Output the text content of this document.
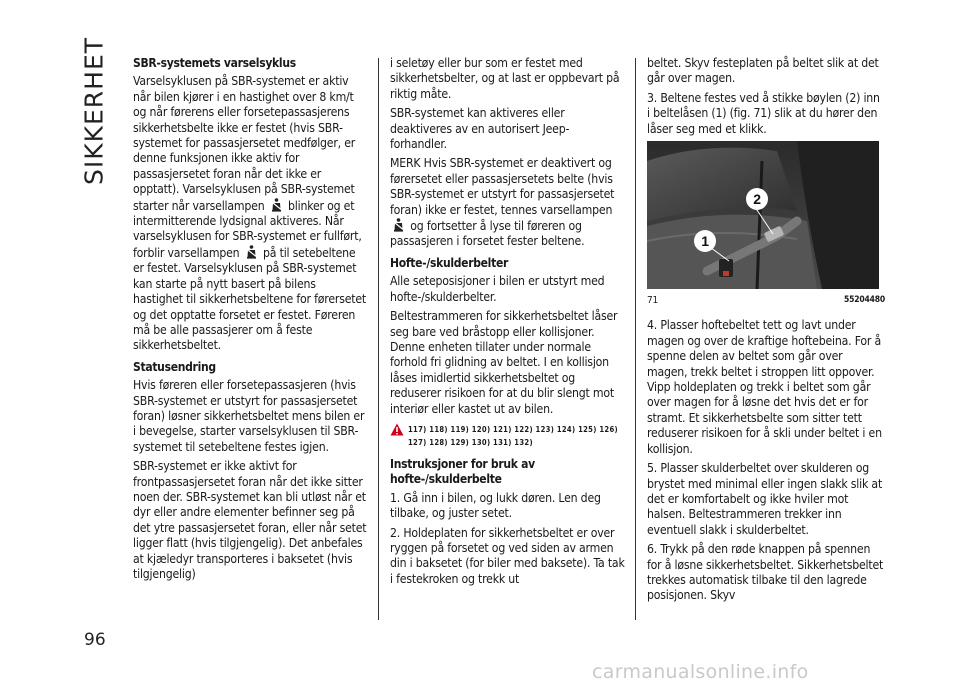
SIKKERHET
96
SBR-systemets varselsyklus

Varselsyklusen på SBR-systemet er aktiv når bilen kjører i en hastighet over 8 km/t og når førerens eller forsetepassasjerens sikkerhetsbelte ikke er festet (hvis SBR-systemet for passasjersetet medfølger, er denne funksjonen ikke aktiv for passasjersetet foran når det ikke er opptatt). Varselsyklusen på SBR-systemet starter når varsellampen blinker og et intermitterende lydsignal aktiveres. Når varselsyklusen for SBR-systemet er fullført, forblir varsellampen på til setebeltene er festet. Varselsyklusen på SBR-systemet kan starte på nytt basert på bilens hastighet til sikkerhetsbeltene for førersetet og det opptatte forsetet er festet. Føreren må be alle passasjerer om å feste sikkerhetsbeltet.

Statusendring

Hvis føreren eller forsetepassasjeren (hvis SBR-systemet er utstyrt for passasjersetet foran) løsner sikkerhetsbeltet mens bilen er i bevegelse, starter varselsyklusen til SBR-systemet til setebeltene festes igjen.

SBR-systemet er ikke aktivt for frontpassasjersetet foran når det ikke sitter noen der. SBR-systemet kan bli utløst når et dyr eller andre elementer befinner seg på det ytre passasjersetet foran, eller når setet ligger flatt (hvis tilgjengelig). Det anbefales at kjæledyr transporteres i baksetet (hvis tilgjengelig)

i seletøy eller bur som er festet med sikkerhetsbelter, og at last er oppbevart på riktig måte.

SBR-systemet kan aktiveres eller deaktiveres av en autorisert Jeep-forhandler.

MERK Hvis SBR-systemet er deaktivert og førersetet eller passasjersetets belte (hvis SBR-systemet er utstyrt for passasjersetet foran) ikke er festet, tennes varsellampen  og fortsetter å lyse til føreren og passasjeren i forsetet fester beltene.

Hofte-/skulderbelter

Alle seteposisjoner i bilen er utstyrt med hofte-/skulderbelter.

Beltestrammeren for sikkerhetsbeltet låser seg bare ved bråstopp eller kollisjoner. Denne enheten tillater under normale forhold fri glidning av beltet. I en kollisjon låses imidlertid sikkerhetsbeltet og reduserer risikoen for at du blir slengt mot interiør eller kastet ut av bilen.

117) 118) 119) 120) 121) 122) 123) 124) 125) 126) 127) 128) 129) 130) 131) 132)
Instruksjoner for bruk av hofte-/skulderbelte

1. Gå inn i bilen, og lukk døren. Len deg tilbake, og juster setet.

2. Holdeplaten for sikkerhetsbeltet er over ryggen på forsetet og ved siden av armen din i baksetet (for biler med baksete). Ta tak i festekroken og trekk ut

beltet. Skyv festeplaten på beltet slik at det går over magen.

3. Beltene festes ved å stikke bøylen (2) inn i beltelåsen (1) (fig. 71) slik at du hører den låser seg med et klikk.

1
2
71	55204480

4. Plasser hoftebeltet tett og lavt under magen og over de kraftige hoftebeina. For å spenne delen av beltet som går over magen, trekk beltet i stroppen litt oppover. Vipp holdeplaten og trekk i beltet som går over magen for å løsne det hvis det er for stramt. Et sikkerhetsbelte som sitter tett reduserer risikoen for å skli under beltet i en kollisjon.

5. Plasser skulderbeltet over skulderen og brystet med minimal eller ingen slakk slik at det er komfortabelt og ikke hviler mot halsen. Beltestrammeren trekker inn eventuell slakk i skulderbeltet.

6. Trykk på den røde knappen på spennen for å løsne sikkerhetsbeltet. Sikkerhetsbeltet trekkes automatisk tilbake til den lagrede posisjonen. Skyv

carmanualsonline.info
